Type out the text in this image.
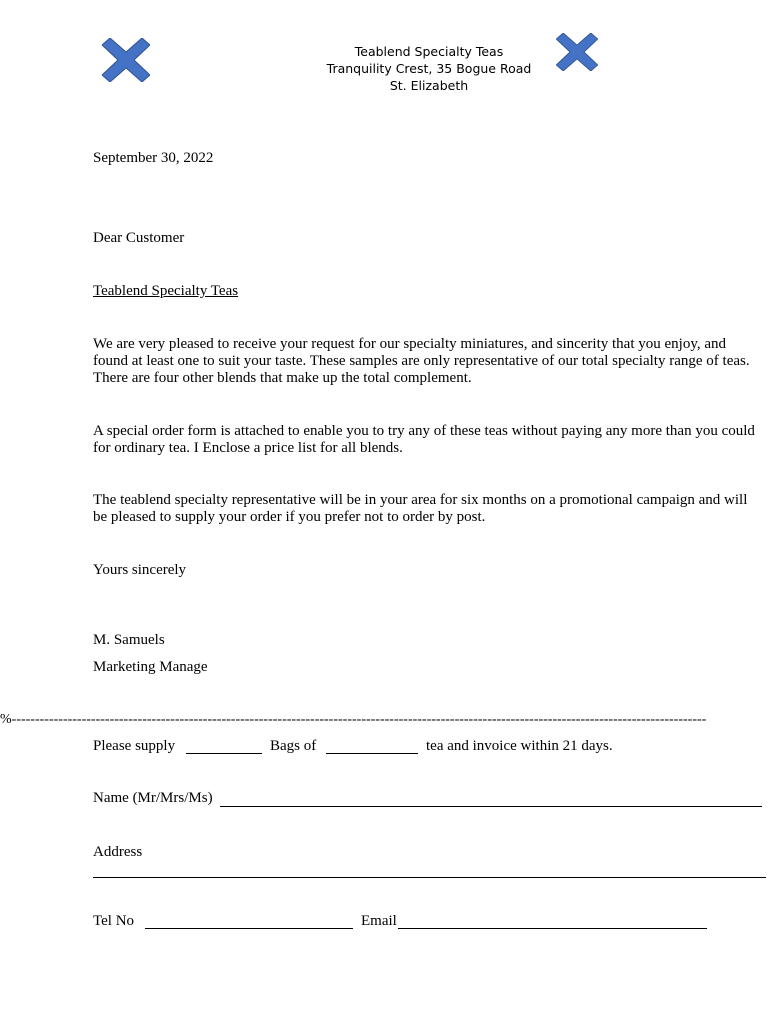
Teablend Specialty Teas
Tranquility Crest, 35 Bogue Road
St. Elizabeth
September 30, 2022
Dear Customer
Teablend Specialty Teas
We are very pleased to receive your request for our specialty miniatures, and sincerity that you enjoy, and found at least one to suit your taste. These samples are only representative of our total specialty range of teas. There are four other blends that make up the total complement.
A special order form is attached to enable you to try any of these teas without paying any more than you could for ordinary tea. I Enclose a price list for all blends.
The teablend specialty representative will be in your area for six months on a promotional campaign and will be pleased to supply your order if you prefer not to order by post.
Yours sincerely
M. Samuels
Marketing Manage
%-----------------------------------------------------------------------------------------------------------------------------------------------------
Please supply	Bags of	tea and invoice within 21 days.
Name (Mr/Mrs/Ms)
Address
Tel No	Email
